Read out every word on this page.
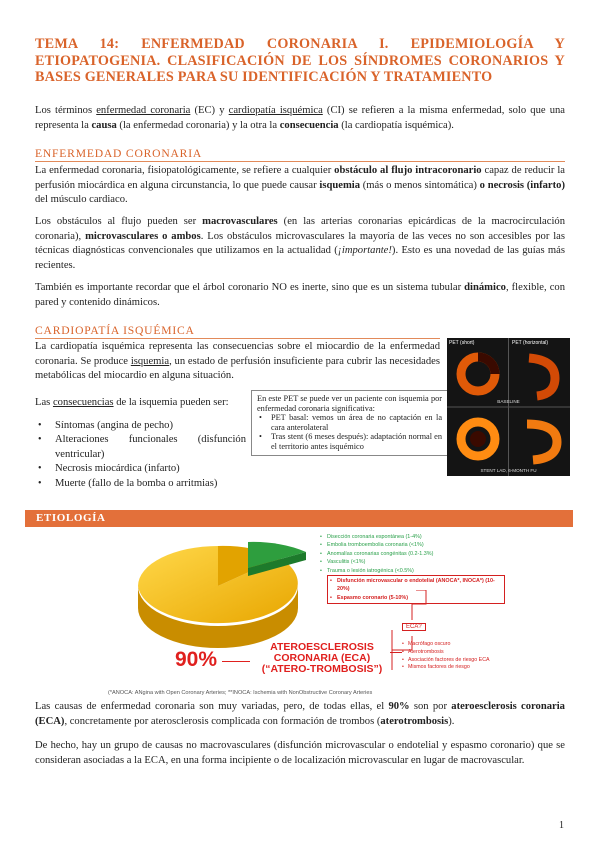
TEMA 14: ENFERMEDAD CORONARIA I. EPIDEMIOLOGÍA Y ETIOPATOGENIA. CLASIFICACIÓN DE LOS SÍNDROMES CORONARIOS Y BASES GENERALES PARA SU IDENTIFICACIÓN Y TRATAMIENTO
Los términos enfermedad coronaria (EC) y cardiopatía isquémica (CI) se refieren a la misma enfermedad, solo que una representa la causa (la enfermedad coronaria) y la otra la consecuencia (la cardiopatía isquémica).
ENFERMEDAD CORONARIA
La enfermedad coronaria, fisiopatológicamente, se refiere a cualquier obstáculo al flujo intracoronario capaz de reducir la perfusión miocárdica en alguna circunstancia, lo que puede causar isquemia (más o menos sintomática) o necrosis (infarto) del músculo cardiaco.
Los obstáculos al flujo pueden ser macrovasculares (en las arterias coronarias epicárdicas de la macrocirculación coronaria), microvasculares o ambos. Los obstáculos microvasculares la mayoría de las veces no son accesibles por las técnicas diagnósticas convencionales que utilizamos en la actualidad (¡importante!). Esto es una novedad de las guías más recientes.
También es importante recordar que el árbol coronario NO es inerte, sino que es un sistema tubular dinámico, flexible, con pared y contenido dinámicos.
CARDIOPATÍA ISQUÉMICA
La cardiopatía isquémica representa las consecuencias sobre el miocardio de la enfermedad coronaria. Se produce isquemia, un estado de perfusión insuficiente para cubrir las necesidades metabólicas del miocardio en alguna situación.
Las consecuencias de la isquemia pueden ser:
• Síntomas (angina de pecho)
• Alteraciones funcionales (disfunción ventricular)
• Necrosis miocárdica (infarto)
• Muerte (fallo de la bomba o arritmias)
En este PET se puede ver un paciente con isquemia por enfermedad coronaria significativa:
• PET basal: vemos un área de no captación en la cara anterolateral
• Tras stent (6 meses después): adaptación normal en el territorio antes isquémico
PET (short)	PET (horizontal)
BASELINE
STENT LAD, 6-MONTH FU
ETIOLOGÍA
• Disección coronaria espontánea (1-4%)
• Embolia tromboembolia coronaria (<1%)
• Anomalías coronarias congénitas (0.2-1.3%)
• Vasculitis (<1%)
• Trauma o lesión iatrogénica (<0.5%)
• Disfunción microvascular o endotelial (ANOCA*, INOCA*) (10-20%)
• Espasmo coronario (5-10%)
ECA?
• Macrófago oscuro
• Aterotrombosis
• Asociación factores de riesgo ECA
• Mismos factores de riesgo
90%
ATEROESCLEROSIS
CORONARIA (ECA)
(“ATERO-TROMBOSIS”)
(*ANOCA: ANgina with Open Coronary Arteries; **INOCA: Ischemia with NonObstructive Coronary Arteries
Las causas de enfermedad coronaria son muy variadas, pero, de todas ellas, el 90% son por ateroesclerosis coronaria (ECA), concretamente por aterosclerosis complicada con formación de trombos (aterotrombosis).
De hecho, hay un grupo de causas no macrovasculares (disfunción microvascular o endotelial y espasmo coronario) que se consideran asociadas a la ECA, en una forma incipiente o de localización microvascular en lugar de macrovascular.
1
